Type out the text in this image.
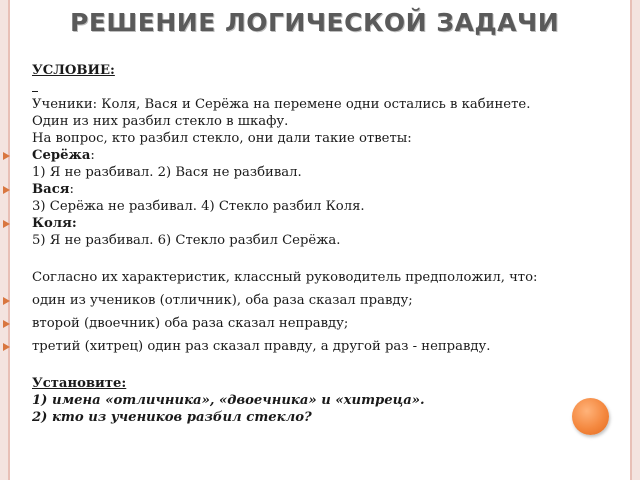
РЕШЕНИЕ ЛОГИЧЕСКОЙ ЗАДАЧИ
УСЛОВИЕ:
Ученики: Коля, Вася и Серёжа на перемене одни остались в кабинете.
Один из них разбил стекло в шкафу.
На вопрос, кто разбил стекло, они дали такие ответы:
Серёжа:
1) Я не разбивал. 2) Вася не разбивал.
Вася:
3) Серёжа не разбивал. 4) Стекло разбил Коля.
Коля:
5) Я не разбивал. 6) Стекло разбил Серёжа.
Согласно их характеристик, классный руководитель предположил, что:
один из учеников (отличник), оба раза сказал правду;
второй (двоечник) оба раза сказал неправду;
третий (хитрец) один раз сказал правду, а другой раз - неправду.
Установите:
1) имена «отличника», «двоечника» и «хитреца».
2) кто из учеников разбил стекло?
